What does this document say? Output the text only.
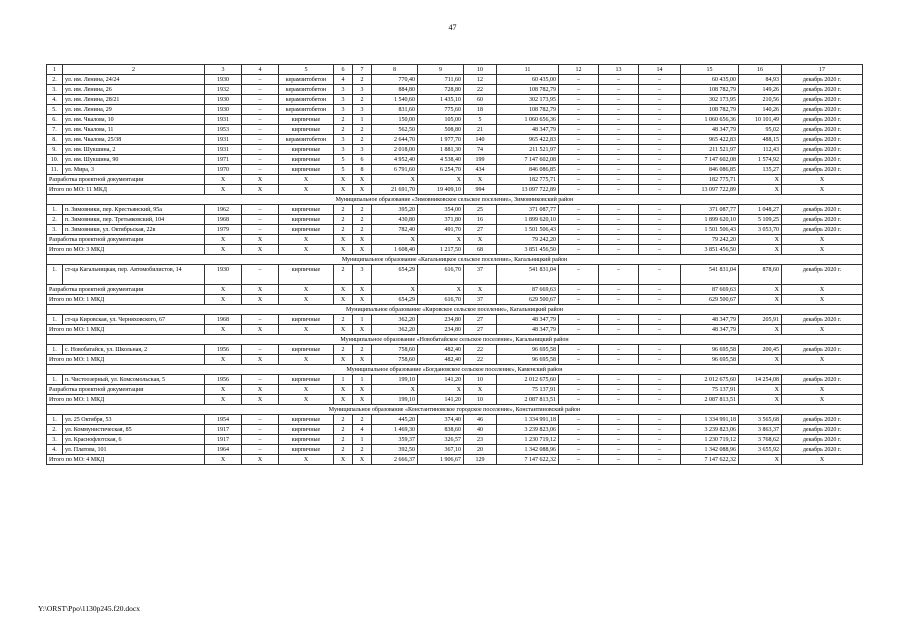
47
1	2	3	4	5	6	7	8	9	10	11	12	13	14	15	16	17
2.	ул. им. Ленина, 24/24	1930	–	керамзитобетон	4	2	770,40	711,60	12	60 435,00	–	–	–	60 435,00	84,93	декабрь 2020 г.
3.	ул. им. Ленина, 26	1932	–	керамзитобетон	3	3	884,80	728,80	22	108 782,79	–	–	–	108 782,79	149,26	декабрь 2020 г.
4.	ул. им. Ленина, 28/21	1930	–	керамзитобетон	3	2	1 540,60	1 435,10	60	302 173,95	–	–	–	302 173,95	210,56	декабрь 2020 г.
5.	ул. им. Ленина, 29	1930	–	керамзитобетон	3	3	831,60	775,60	18	108 782,79	–	–	–	108 782,79	140,26	декабрь 2020 г.
6.	ул. им. Чкалова, 10	1931	–	кирпичные	2	1	150,00	105,00	5	1 060 656,36	–	–	–	1 060 656,36	10 101,49	декабрь 2020 г.
7.	ул. им. Чкалова, 11	1953	–	кирпичные	2	2	562,50	508,80	21	48 347,79	–	–	–	48 347,79	95,02	декабрь 2020 г.
8.	ул. им. Чкалова, 25/38	1931	–	керамзитобетон	3	2	2 644,70	1 977,70	140	965 422,83	–	–	–	965 422,83	488,15	декабрь 2020 г.
9.	ул. им. Шукшина, 2	1931	–	кирпичные	3	3	2 018,00	1 881,30	74	211 521,97	–	–	–	211 521,97	112,43	декабрь 2020 г.
10.	ул. им. Шукшина, 90	1971	–	кирпичные	5	6	4 952,40	4 538,40	199	7 147 602,08	–	–	–	7 147 602,08	1 574,92	декабрь 2020 г.
11.	ул. Мира, 3	1970	–	кирпичные	5	8	6 791,60	6 254,70	434	846 086,85	–	–	–	846 086,85	135,27	декабрь 2020 г.
Разработка проектной документации		X	X	X	X	X	X	X	X	182 775,71	–	–	–	182 775,71	X	X
Итого по МО: 11 МКД		X	X	X	X	X	21 691,70	19 409,10	994	13 097 722,89	–	–	–	13 097 722,89	X	X
Муниципальное образование «Зимовниковское сельское поселение», Зимовниковский район																
1.	п. Зимовники, пер. Крестьянский, 95а	1962	–	кирпичные	2	2	395,20	354,00	25	371 087,77	–	–	–	371 087,77	1 048,27	декабрь 2020 г.
2.	п. Зимовники, пер. Третьяковский, 104	1968	–	кирпичные	2	2	430,80	371,80	16	1 899 620,10	–	–	–	1 899 620,10	5 109,25	декабрь 2020 г.
3.	п. Зимовники, ул. Октябрьская, 22в	1979	–	кирпичные	2	2	782,40	491,70	27	1 501 506,43	–	–	–	1 501 506,43	3 053,70	декабрь 2020 г.
Разработка проектной документации		X	X	X	X	X	X	X	X	79 242,20	–	–	–	79 242,20	X	X
Итого по МО: 3 МКД		X	X	X	X	X	1 608,40	1 217,50	68	3 851 456,50	–	–	–	3 851 456,50	X	X
Муниципальное образование «Кагальницкое сельское поселение», Кагальницкий район																
1.	ст-ца Кагальницкая, пер. Автомобилистов, 14	1930	–	кирпичные	2	3	654,29	616,70	37	541 831,04	–	–	–	541 831,04	878,60	декабрь 2020 г.
Разработка проектной документации		X	X	X	X	X	X	X	X	87 669,63	–	–	–	87 669,63	X	X
Итого по МО: 1 МКД		X	X	X	X	X	654,29	616,70	37	629 500,67	–	–	–	629 500,67	X	X
Муниципальное образование «Кировское сельское поселение», Кагальницкий район																
1.	ст-ца Кировская, ул. Черняховского, 67	1968	–	кирпичные	2	1	362,20	234,80	27	48 347,79	–	–	–	48 347,79	205,91	декабрь 2020 г.
Итого по МО: 1 МКД		X	X	X	X	X	362,20	234,80	27	48 347,79	–	–	–	48 347,79	X	X
Муниципальное образование «Новобатайское сельское поселение», Кагальницкий район																
1.	с. Новобатайск, ул. Школьная, 2	1956	–	кирпичные	2	2	758,60	482,40	22	96 695,58	–	–	–	96 695,58	200,45	декабрь 2020 г.
Итого по МО: 1 МКД		X	X	X	X	X	758,60	482,40	22	96 695,58	–	–	–	96 695,58	X	X
Муниципальное образование «Богдановское сельское поселение», Каменский район																
1.	п. Чистоозерный, ул. Комсомольская, 5	1956	–	кирпичные	1	1	199,10	141,20	10	2 012 675,60	–	–	–	2 012 675,60	14 254,08	декабрь 2020 г.
Разработка проектной документации		X	X	X	X	X	X	X	X	75 137,91	–	–	–	75 137,91	X	X
Итого по МО: 1 МКД		X	X	X	X	X	199,10	141,20	10	2 087 813,51	–	–	–	2 087 813,51	X	X
Муниципальное образование «Константиновское городское поселение», Константиновский район																
1.	ул. 25 Октября, 53	1954	–	кирпичные	2	2	445,20	374,40	46	1 334 991,18	–	–	–	1 334 991,18	3 565,68	декабрь 2020 г.
2.	ул. Коммунистическая, 85	1917	–	кирпичные	2	4	1 469,30	838,60	40	3 239 823,06	–	–	–	3 239 823,06	3 863,37	декабрь 2020 г.
3.	ул. Краснофлотская, 6	1917	–	кирпичные	2	1	359,37	326,57	23	1 230 719,12	–	–	–	1 230 719,12	3 768,62	декабрь 2020 г.
4.	ул. Платова, 101	1964	–	кирпичные	2	2	392,50	367,10	20	1 342 088,96	–	–	–	1 342 088,96	3 655,92	декабрь 2020 г.
Итого по МО: 4 МКД		X	X	X	X	X	2 666,37	1 906,67	129	7 147 622,32	–	–	–	7 147 622,32	X	X
Y:\ORST\Ppo\1130p245.f20.docx
